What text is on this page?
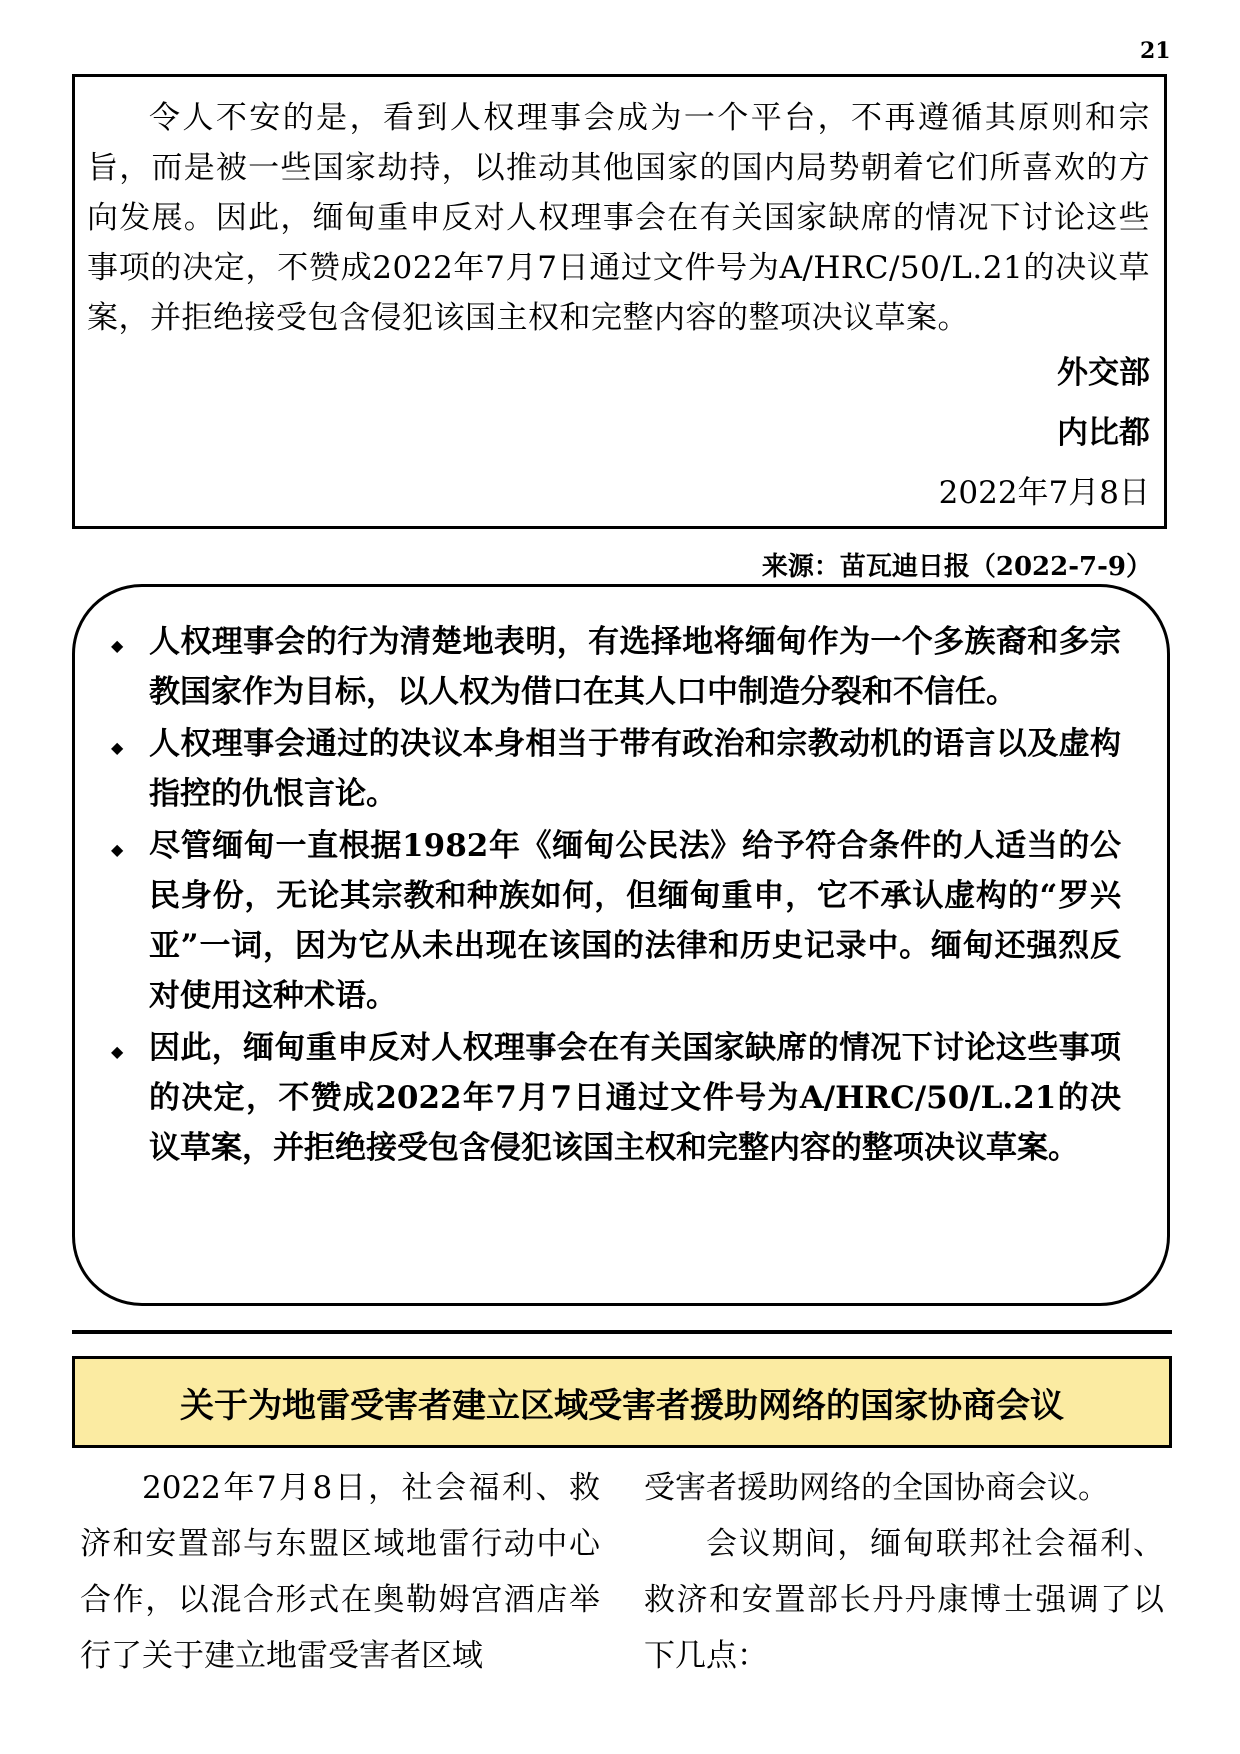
21

令人不安的是，看到人权理事会成为一个平台，不再遵循其原则和宗旨，而是被一些国家劫持，以推动其他国家的国内局势朝着它们所喜欢的方向发展。因此，缅甸重申反对人权理事会在有关国家缺席的情况下讨论这些事项的决定，不赞成2022年7月7日通过文件号为A/HRC/50/L.21的决议草案，并拒绝接受包含侵犯该国主权和完整内容的整项决议草案。

外交部
内比都
2022年7月8日
来源：苗瓦迪日报（2022-7-9）
◆ 人权理事会的行为清楚地表明，有选择地将缅甸作为一个多族裔和多宗教国家作为目标，以人权为借口在其人口中制造分裂和不信任。
◆ 人权理事会通过的决议本身相当于带有政治和宗教动机的语言以及虚构指控的仇恨言论。
◆ 尽管缅甸一直根据1982年《缅甸公民法》给予符合条件的人适当的公民身份，无论其宗教和种族如何，但缅甸重申，它不承认虚构的“罗兴亚”一词，因为它从未出现在该国的法律和历史记录中。缅甸还强烈反对使用这种术语。
◆ 因此，缅甸重申反对人权理事会在有关国家缺席的情况下讨论这些事项的决定，不赞成2022年7月7日通过文件号为A/HRC/50/L.21的决议草案，并拒绝接受包含侵犯该国主权和完整内容的整项决议草案。
关于为地雷受害者建立区域受害者援助网络的国家协商会议

2022年7月8日，社会福利、救济和安置部与东盟区域地雷行动中心合作，以混合形式在奥勒姆宫酒店举行了关于建立地雷受害者区域

受害者援助网络的全国协商会议。

会议期间，缅甸联邦社会福利、救济和安置部长丹丹康博士强调了以下几点：
